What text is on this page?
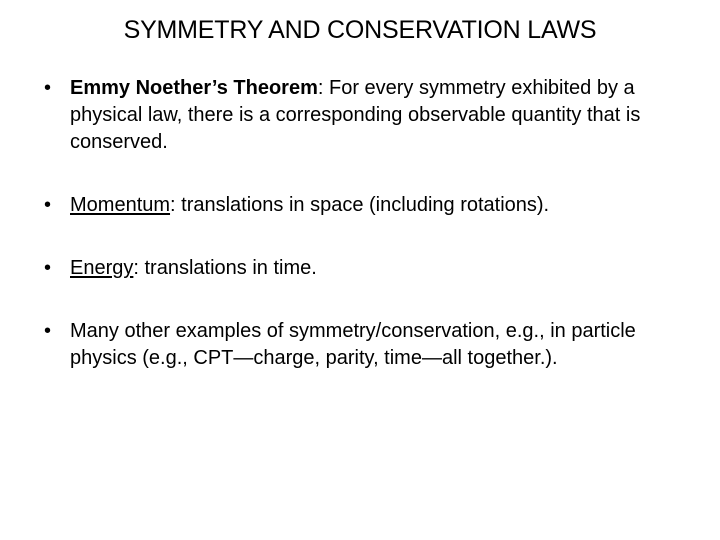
SYMMETRY AND CONSERVATION LAWS
• Emmy Noether’s Theorem: For every symmetry exhibited by a physical law, there is a corresponding observable quantity that is conserved.
• Momentum: translations in space (including rotations).
• Energy: translations in time.
• Many other examples of symmetry/conservation, e.g., in particle physics (e.g., CPT—charge, parity, time—all together.).
